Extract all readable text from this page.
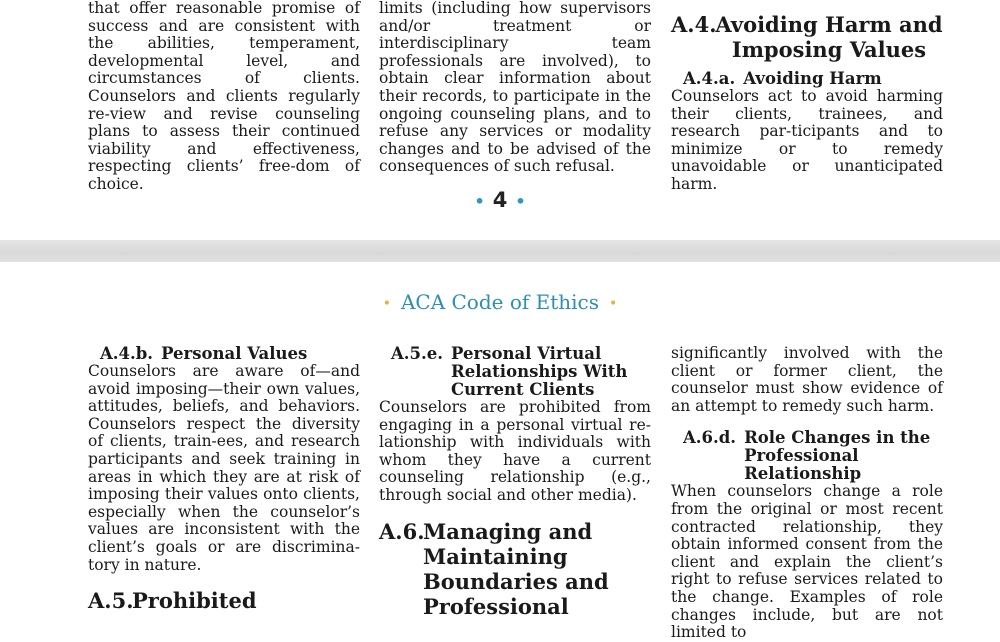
that offer reasonable promise of success and are consistent with the abilities, temperament, developmental level, and circumstances of clients. Counselors and clients regularly re-view and revise counseling plans to assess their continued viability and effectiveness, respecting clients’ free-dom of choice.

limits (including how supervisors and/or treatment or interdisciplinary team professionals are involved), to obtain clear information about their records, to participate in the ongoing counseling plans, and to refuse any services or modality changes and to be advised of the consequences of such refusal.

A.4.
Avoiding Harm and Imposing Values
A.4.a. Avoiding Harm

Counselors act to avoid harming their clients, trainees, and research par-ticipants and to minimize or to remedy unavoidable or unanticipated harm.

• 4 •
• ACA Code of Ethics •
A.4.b. Personal Values

Counselors are aware of—and avoid imposing—their own values, attitudes, beliefs, and behaviors. Counselors respect the diversity of clients, train-ees, and research participants and seek training in areas in which they are at risk of imposing their values onto clients, especially when the counselor’s values are inconsistent with the client’s goals or are discrimina-tory in nature.

A.5.
Prohibited
A.5.e. Personal Virtual Relationships With Current Clients

Counselors are prohibited from engaging in a personal virtual re-lationship with individuals with whom they have a current counseling relationship (e.g., through social and other media).

A.6.
Managing and Maintaining Boundaries and Professional

significantly involved with the client or former client, the counselor must show evidence of an attempt to remedy such harm.

A.6.d. Role Changes in the Professional Relationship

When counselors change a role from the original or most recent contracted relationship, they obtain informed consent from the client and explain the client’s right to refuse services related to the change. Examples of role changes include, but are not limited to
